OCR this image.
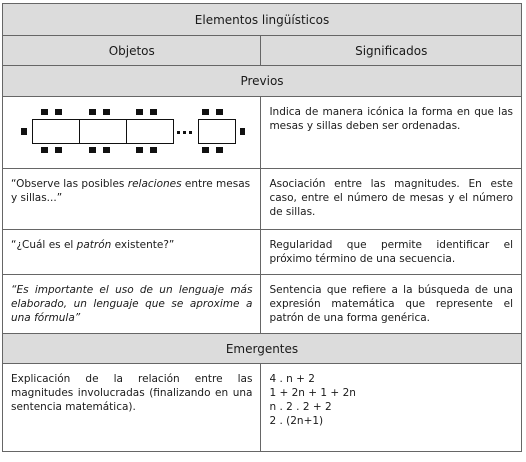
Elementos lingüísticos	
Objetos	Significados
Previos	

	Indica de manera icónica la forma en que las mesas y sillas deben ser ordenadas.
“Observe las posibles relaciones entre mesas y sillas...”	Asociación entre las magnitudes. En este caso, entre el número de mesas y el número de sillas.
“¿Cuál es el patrón existente?”	Regularidad que permite identificar el próximo término de una secuencia.
“Es importante el uso de un lenguaje más elaborado, un lenguaje que se aproxime a una fórmula”	Sentencia que refiere a la búsqueda de una expresión matemática que represente el patrón de una forma genérica.
Emergentes	
Explicación de la relación entre las magnitudes involucradas (finalizando en una sentencia matemática).	4 . n + 2
1 + 2n + 1 + 2n
n . 2 . 2 + 2
2 . (2n+1)
